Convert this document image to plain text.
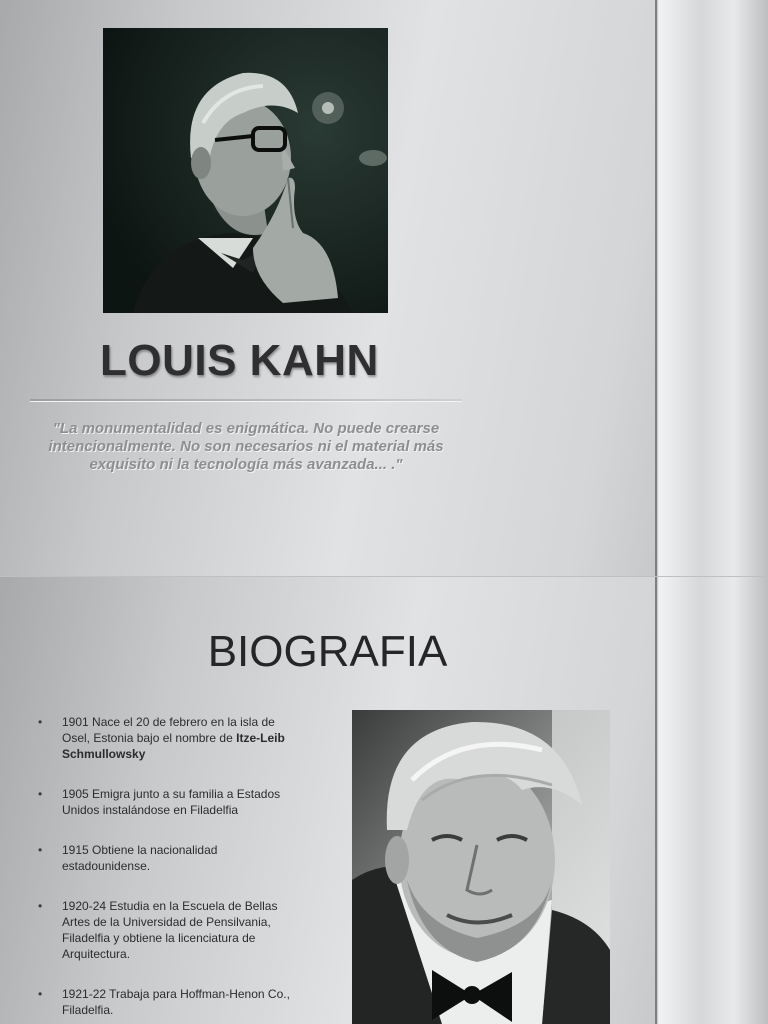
LOUIS KAHN
"La monumentalidad es enigmática. No puede crearse intencionalmente. No son necesarios ni el material más exquisito ni la tecnología más avanzada... ."
BIOGRAFIA
• 1901 Nace el 20 de febrero en la isla de Osel, Estonia bajo el nombre de Itze-Leib Schmullowsky
• 1905 Emigra junto a su familia a Estados Unidos instalándose en Filadelfia
• 1915 Obtiene la nacionalidad estadounidense.
• 1920-24 Estudia en la Escuela de Bellas Artes de la Universidad de Pensilvania, Filadelfia y obtiene la licenciatura de Arquitectura.
• 1921-22 Trabaja para Hoffman-Henon Co., Filadelfia.
